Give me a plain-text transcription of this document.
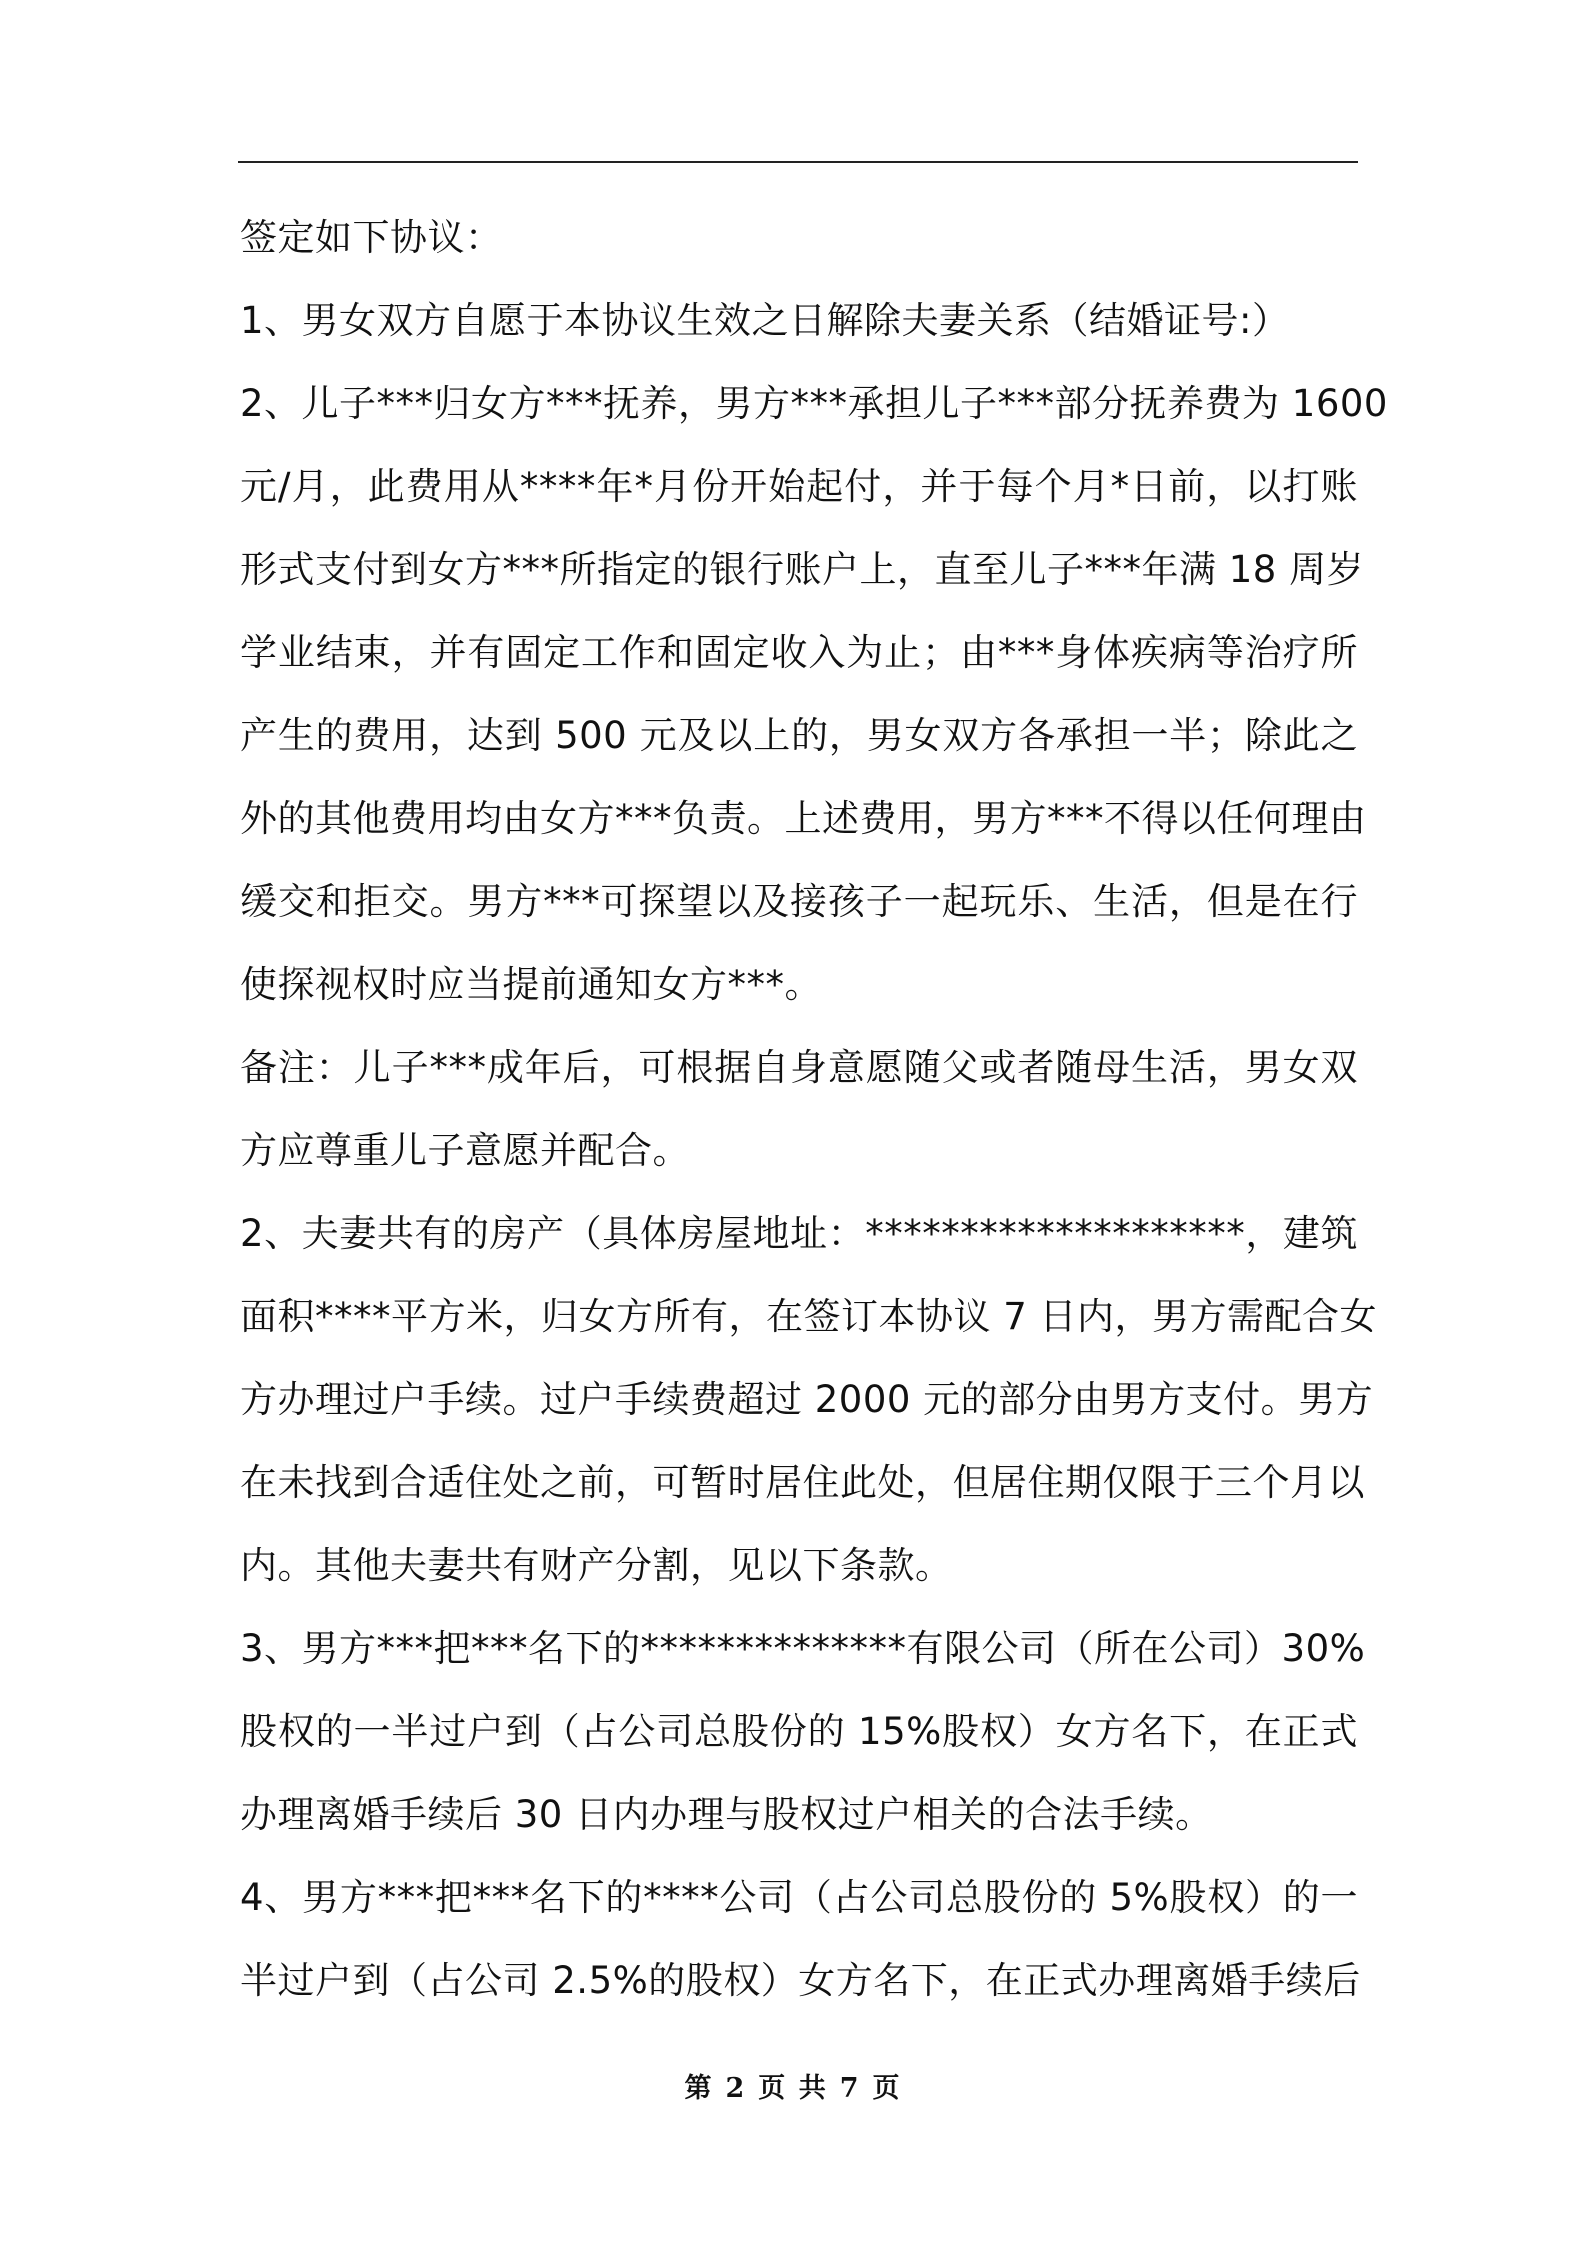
签定如下协议：
1、男女双方自愿于本协议生效之日解除夫妻关系（结婚证号:）
2、儿子***归女方***抚养，男方***承担儿子***部分抚养费为 1600
元/月，此费用从****年*月份开始起付，并于每个月*日前，以打账
形式支付到女方***所指定的银行账户上，直至儿子***年满 18 周岁
学业结束，并有固定工作和固定收入为止；由***身体疾病等治疗所
产生的费用，达到 500 元及以上的，男女双方各承担一半；除此之
外的其他费用均由女方***负责。上述费用，男方***不得以任何理由
缓交和拒交。男方***可探望以及接孩子一起玩乐、生活，但是在行
使探视权时应当提前通知女方***。
备注：儿子***成年后，可根据自身意愿随父或者随母生活，男女双
方应尊重儿子意愿并配合。
2、夫妻共有的房产（具体房屋地址：********************，建筑
面积****平方米，归女方所有，在签订本协议 7 日内，男方需配合女
方办理过户手续。过户手续费超过 2000 元的部分由男方支付。男方
在未找到合适住处之前，可暂时居住此处，但居住期仅限于三个月以
内。其他夫妻共有财产分割，见以下条款。
3、男方***把***名下的**************有限公司（所在公司）30%
股权的一半过户到（占公司总股份的 15%股权）女方名下，在正式
办理离婚手续后 30 日内办理与股权过户相关的合法手续。
4、男方***把***名下的****公司（占公司总股份的 5%股权）的一
半过户到（占公司 2.5%的股权）女方名下，在正式办理离婚手续后

第 2 页 共 7 页
